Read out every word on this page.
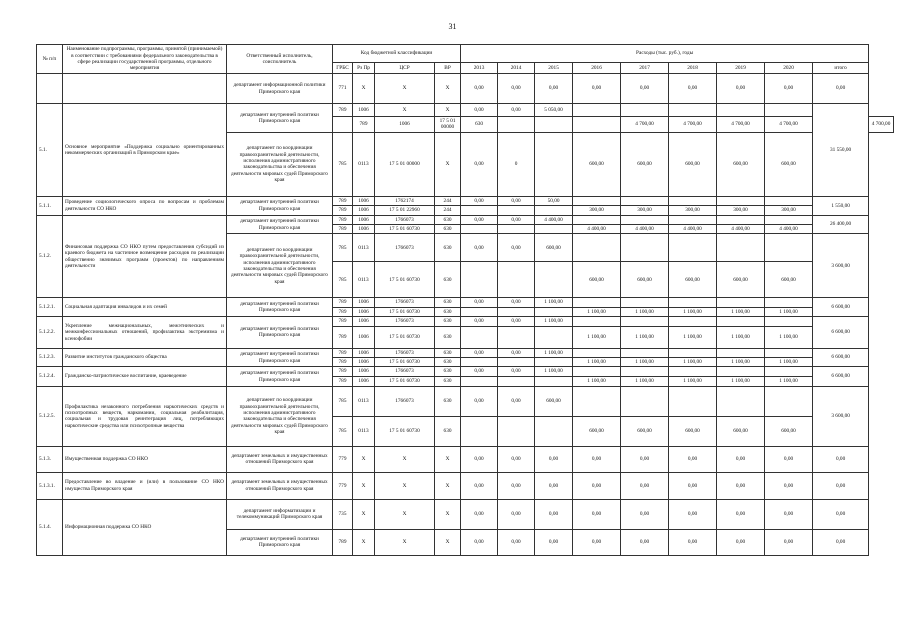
31
№ п/п	Наименование подпрограммы, программы, принятой (принимаемой) в соответствии с требованиями федерального законодательства в сфере реализации государственной программы, отдельного мероприятия	Ответственный исполнитель, соисполнитель	Код бюджетной классификации				Расходы (тыс. руб.), годы									
			ГРБС	Рз Пр	ЦСР	ВР	2013	2014	2015	2016	2017	2018	2019	2020	итого	
		департамент информационной политики Приморского края	771	Х	Х	Х	0,00	0,00	0,00	0,00	0,00	0,00	0,00	0,00	0,00	
5.1.	Основное мероприятие «Поддержка социально ориентированных некоммерческих организаций в Приморском крае»	департамент внутренней политики Приморского края	789	1006	Х	Х	0,00	0,00	5 050,00						31 550,00	
				789	1006	17 5 01 00000	630				4 700,00	4 700,00	4 700,00	4 700,00		4 700,00
		департамент по координации правоохранительной деятельности, исполнения административного законодательства и обеспечения деятельности мировых судей Приморского края	785	0113	17 5 01 00000	Х	0,00	0		600,00	600,00	600,00	600,00	600,00		
5.1.1.	Проведение социологического опроса по вопросам и проблемам деятельности СО НКО	департамент внутренней политики Приморского края	789	1006	1762174	244	0,00	0,00	50,00						1 550,00	
			789	1006	17 5 01 22960	244				300,00	300,00	300,00	300,00	300,00		
5.1.2.	Финансовая поддержка СО НКО путем предоставления субсидий из краевого бюджета на частичное возмещение расходов по реализации общественно значимых программ (проектов) по направлениям деятельности	департамент внутренней политики Приморского края	789	1006	1766073	630	0,00	0,00	4 400,00						26 400,00	
			789	1006	17 5 01 60730	630				4 400,00	4 400,00	4 400,00	4 400,00	4 400,00		
		департамент по координации правоохранительной деятельности, исполнения административного законодательства и обеспечения деятельности мировых судей Приморского края	785	0113	1766073	630	0,00	0,00	600,00						3 600,00	
			785	0113	17 5 01 60730	630				600,00	600,00	600,00	600,00	600,00		
5.1.2.1.	Социальная адаптация инвалидов и их семей	департамент внутренней политики Приморского края	789	1006	1766073	630	0,00	0,00	1 100,00						6 600,00	
			789	1006	17 5 01 60730	630				1 100,00	1 100,00	1 100,00	1 100,00	1 100,00		
5.1.2.2.	Укрепление межнациональных, межэтнических и межконфессиональных отношений, профилактика экстремизма и ксенофобии	департамент внутренней политики Приморского края	789	1006	1766073	630	0,00	0,00	1 100,00						6 600,00	
			789	1006	17 5 01 60730	630				1 100,00	1 100,00	1 100,00	1 100,00	1 100,00		
5.1.2.3.	Развитие институтов гражданского общества	департамент внутренней политики Приморского края	789	1006	1766073	630	0,00	0,00	1 100,00						6 600,00	
			789	1006	17 5 01 60730	630				1 100,00	1 100,00	1 100,00	1 100,00	1 100,00		
5.1.2.4.	Гражданско-патриотическое воспитание, краеведение	департамент внутренней политики Приморского края	789	1006	1766073	630	0,00	0,00	1 100,00						6 600,00	
			789	1006	17 5 01 60730	630				1 100,00	1 100,00	1 100,00	1 100,00	1 100,00		
5.1.2.5.	Профилактика незаконного потребления наркотических средств и психотропных веществ, наркомании, социальная реабилитация, социальная и трудовая реинтеграция лиц, потребляющих наркотические средства или психотропные вещества	департамент по координации правоохранительной деятельности, исполнения административного законодательства и обеспечения деятельности мировых судей Приморского края	785	0113	1766073	630	0,00	0,00	600,00						3 600,00	
			785	0113	17 5 01 60730	630				600,00	600,00	600,00	600,00	600,00		
5.1.3.	Имущественная поддержка СО НКО	департамент земельных и имущественных отношений Приморского края	779	Х	Х	Х	0,00	0,00	0,00	0,00	0,00	0,00	0,00	0,00	0,00	
5.1.3.1.	Предоставление во владение и (или) в пользование СО НКО имущества Приморского края	департамент земельных и имущественных отношений Приморского края	779	Х	Х	Х	0,00	0,00	0,00	0,00	0,00	0,00	0,00	0,00	0,00	
5.1.4.	Информационная поддержка СО НКО	департамент информатизации и телекоммуникаций Приморского края	735	Х	Х	Х	0,00	0,00	0,00	0,00	0,00	0,00	0,00	0,00	0,00	
		департамент внутренней политики Приморского края	789	Х	Х	Х	0,00	0,00	0,00	0,00	0,00	0,00	0,00	0,00	0,00	
